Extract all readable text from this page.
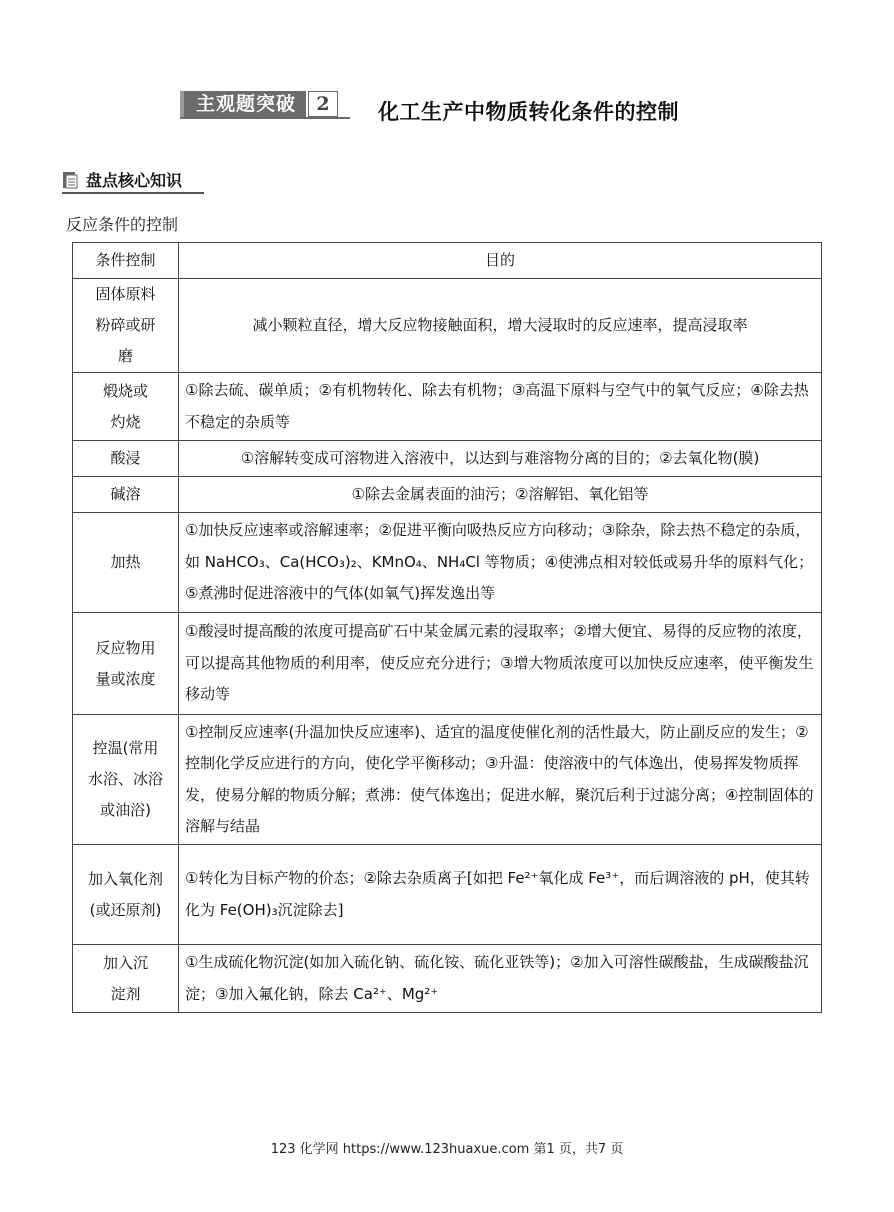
主观题突破	2	化工生产中物质转化条件的控制
盘点核心知识
反应条件的控制
条件控制	目的
固体原料粉碎或研磨	减小颗粒直径，增大反应物接触面积，增大浸取时的反应速率，提高浸取率
煅烧或灼烧	①除去硫、碳单质；②有机物转化、除去有机物；③高温下原料与空气中的氧气反应；④除去热不稳定的杂质等
酸浸	①溶解转变成可溶物进入溶液中，以达到与难溶物分离的目的；②去氧化物(膜)
碱溶	①除去金属表面的油污；②溶解铝、氧化铝等
加热	①加快反应速率或溶解速率；②促进平衡向吸热反应方向移动；③除杂，除去热不稳定的杂质，如 NaHCO₃、Ca(HCO₃)₂、KMnO₄、NH₄Cl 等物质；④使沸点相对较低或易升华的原料气化；⑤煮沸时促进溶液中的气体(如氧气)挥发逸出等
反应物用量或浓度	①酸浸时提高酸的浓度可提高矿石中某金属元素的浸取率；②增大便宜、易得的反应物的浓度，可以提高其他物质的利用率，使反应充分进行；③增大物质浓度可以加快反应速率，使平衡发生移动等
控温(常用水浴、冰浴或油浴)	①控制反应速率(升温加快反应速率)、适宜的温度使催化剂的活性最大，防止副反应的发生；②控制化学反应进行的方向，使化学平衡移动；③升温：使溶液中的气体逸出，使易挥发物质挥发，使易分解的物质分解；煮沸：使气体逸出；促进水解，聚沉后利于过滤分离；④控制固体的溶解与结晶
加入氧化剂(或还原剂)	①转化为目标产物的价态；②除去杂质离子[如把 Fe²⁺氧化成 Fe³⁺，而后调溶液的 pH，使其转化为 Fe(OH)₃沉淀除去]
加入沉淀剂	①生成硫化物沉淀(如加入硫化钠、硫化铵、硫化亚铁等)；②加入可溶性碳酸盐，生成碳酸盐沉淀；③加入氟化钠，除去 Ca²⁺、Mg²⁺
123 化学网 https://www.123huaxue.com 第1 页，共7 页
